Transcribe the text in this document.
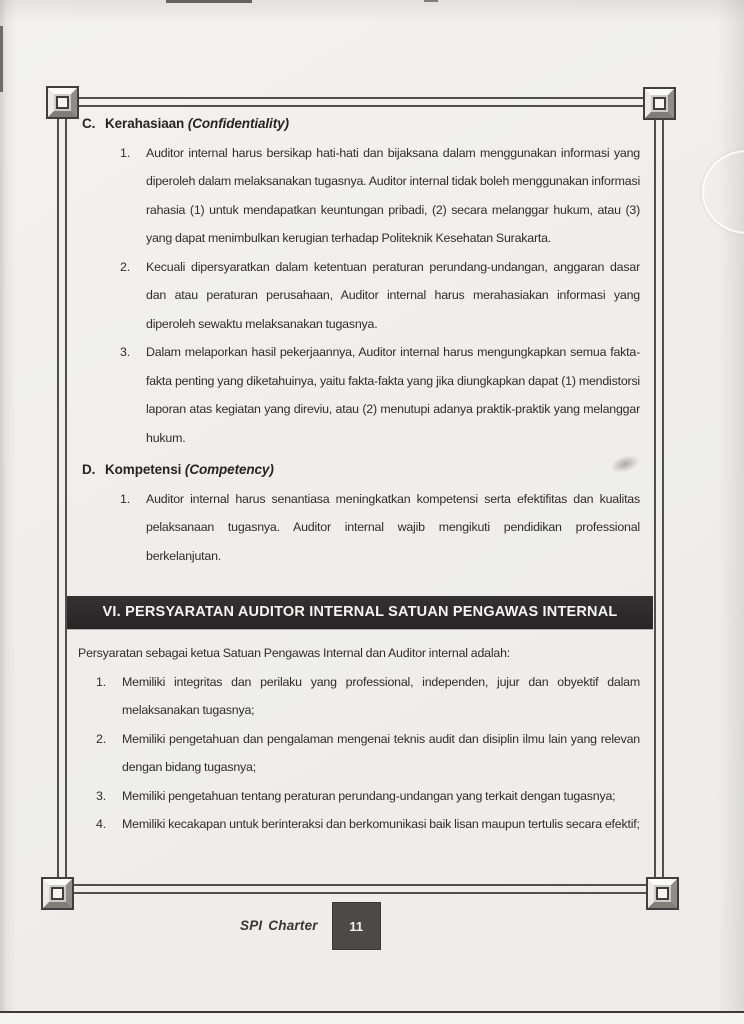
C. Kerahasiaan (Confidentiality)
1.	Auditor internal harus bersikap hati-hati dan bijaksana dalam menggunakan informasi yang diperoleh dalam melaksanakan tugasnya. Auditor internal tidak boleh menggunakan informasi rahasia (1) untuk mendapatkan keuntungan pribadi, (2) secara melanggar hukum, atau (3) yang dapat menimbulkan kerugian terhadap Politeknik Kesehatan Surakarta.
2.	Kecuali dipersyaratkan dalam ketentuan peraturan perundang-undangan, anggaran dasar dan atau peraturan perusahaan, Auditor internal harus merahasiakan informasi yang diperoleh sewaktu melaksanakan tugasnya.
3.	Dalam melaporkan hasil pekerjaannya, Auditor internal harus mengungkapkan semua fakta-fakta penting yang diketahuinya, yaitu fakta-fakta yang jika diungkapkan dapat (1) mendistorsi laporan atas kegiatan yang direviu, atau (2) menutupi adanya praktik-praktik yang melanggar hukum.
D. Kompetensi (Competency)
1.	Auditor internal harus senantiasa meningkatkan kompetensi serta efektifitas dan kualitas pelaksanaan tugasnya. Auditor internal wajib mengikuti pendidikan professional berkelanjutan.
VI. PERSYARATAN AUDITOR INTERNAL SATUAN PENGAWAS INTERNAL
Persyaratan sebagai ketua Satuan Pengawas Internal dan Auditor internal adalah:
1.	Memiliki integritas dan perilaku yang professional, independen, jujur dan obyektif dalam melaksanakan tugasnya;
2.	Memiliki pengetahuan dan pengalaman mengenai teknis audit dan disiplin ilmu lain yang relevan dengan bidang tugasnya;
3.	Memiliki pengetahuan tentang peraturan perundang-undangan yang terkait dengan tugasnya;
4.	Memiliki kecakapan untuk berinteraksi dan berkomunikasi baik lisan maupun tertulis secara efektif;
SPI Charter	11
